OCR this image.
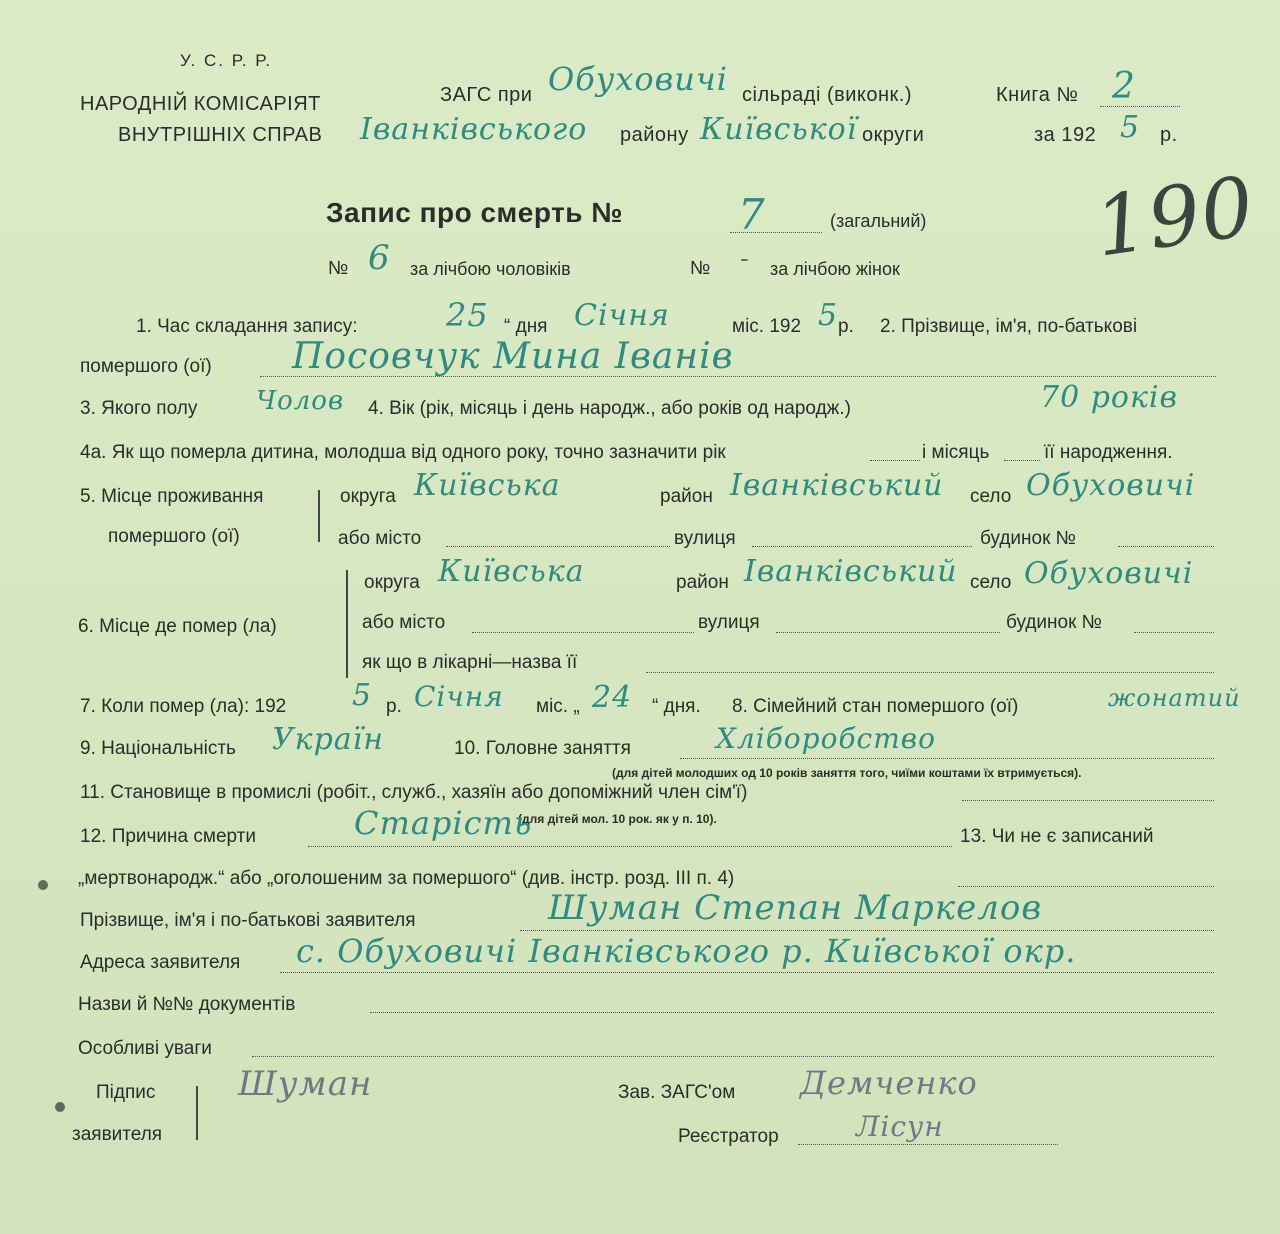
У. С. Р. Р.
НАРОДНІЙ КОМІСАРІЯТ
ВНУТРІШНІХ СПРАВ
ЗАГС при Обуховичі сільраді (виконк.)	Книга № 2
Іванківського району Київської округи	за 192 5 р.
190
Запис про смерть №	7	(загальний)
№ 6 за лічбою чоловіків	№ - за лічбою жінок
1. Час складання запису:	25 “ дня Січня	міс. 192 5 р. 2. Прізвище, ім'я, по-батькові
помершого (ої) Посовчук Мина Іванів
3. Якого полу Чолов 4. Вік (рік, місяць і день народж., або років од народж.)	70 років
4а. Як що померла дитина, молодша від одного року, точно зазначити рік	і місяць	її народження.
5. Місце проживання
помершого (ої)
округа Київська	район Іванківський село Обуховичі
або місто	вулиця	будинок №
6. Місце де помер (ла)
округа Київська	район Іванківський село Обуховичі
або місто	вулиця	будинок №
як що в лікарні—назва її
7. Коли помер (ла): 192 5 р. Січня міс. „ 24 “ дня. 8. Сімейний стан помершого (ої)	жонатий
9. Національність Україн	10. Головне заняття	Хліборобство
(для дітей молодших од 10 років заняття того, чиїми коштами їх втримується).
11. Становище в промислі (робіт., служб., хазяїн або допоміжний член сім'ї)
(для дітей мол. 10 рок. як у п. 10).
12. Причина смерти	Старість	13. Чи не є записаний
„мертвонародж.“ або „оголошеним за помершого“ (див. інстр. розд. III п. 4)
Прізвище, ім'я і по-батькові заявителя	Шуман Степан Маркелов
Адреса заявителя с. Обуховичі Іванківського р. Київської окр.
Назви й №№ документів
Особливі уваги
Підпис
заявителя
Шуман	Зав. ЗАГС'ом Демченко
Реєстратор	Лісун
